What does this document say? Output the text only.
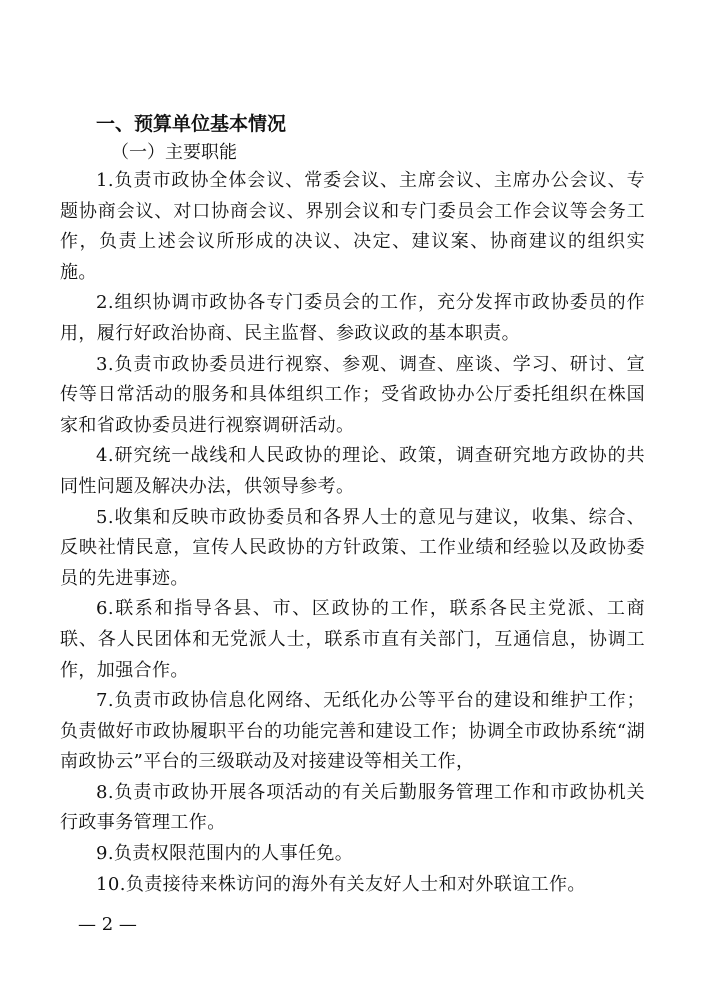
一、预算单位基本情况
（一）主要职能

1.负责市政协全体会议、常委会议、主席会议、主席办公会议、专题协商会议、对口协商会议、界别会议和专门委员会工作会议等会务工作，负责上述会议所形成的决议、决定、建议案、协商建议的组织实施。

2.组织协调市政协各专门委员会的工作，充分发挥市政协委员的作用，履行好政治协商、民主监督、参政议政的基本职责。

3.负责市政协委员进行视察、参观、调查、座谈、学习、研讨、宣传等日常活动的服务和具体组织工作；受省政协办公厅委托组织在株国家和省政协委员进行视察调研活动。

4.研究统一战线和人民政协的理论、政策，调查研究地方政协的共同性问题及解决办法，供领导参考。

5.收集和反映市政协委员和各界人士的意见与建议，收集、综合、反映社情民意，宣传人民政协的方针政策、工作业绩和经验以及政协委员的先进事迹。

6.联系和指导各县、市、区政协的工作，联系各民主党派、工商联、各人民团体和无党派人士，联系市直有关部门，互通信息，协调工作，加强合作。

7.负责市政协信息化网络、无纸化办公等平台的建设和维护工作；负责做好市政协履职平台的功能完善和建设工作；协调全市政协系统“湖南政协云”平台的三级联动及对接建设等相关工作，

8.负责市政协开展各项活动的有关后勤服务管理工作和市政协机关行政事务管理工作。

9.负责权限范围内的人事任免。

10.负责接待来株访问的海外有关友好人士和对外联谊工作。

— 2 —
